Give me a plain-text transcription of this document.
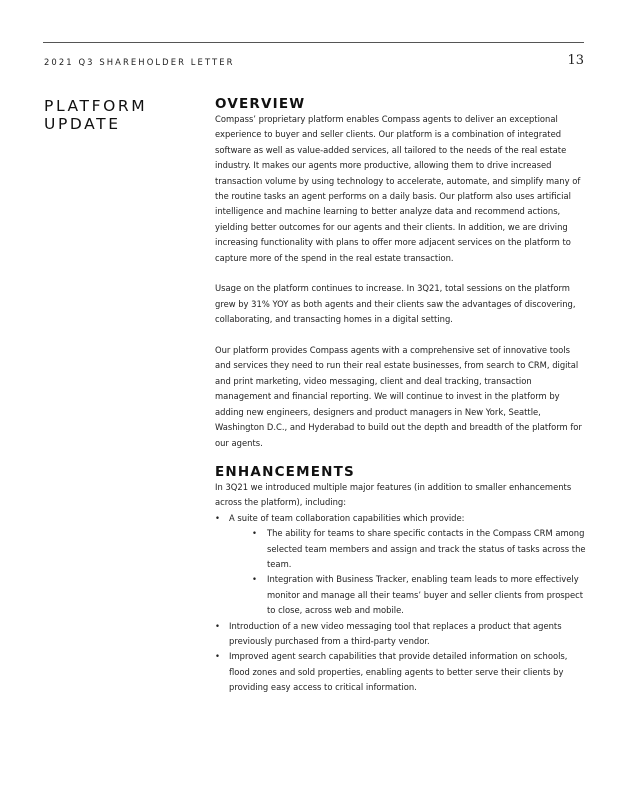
2021 Q3 SHAREHOLDER LETTER	13
PLATFORM
UPDATE
OVERVIEW

Compass’ proprietary platform enables Compass agents to deliver an exceptional experience to buyer and seller clients. Our platform is a combination of integrated software as well as value-added services, all tailored to the needs of the real estate industry. It makes our agents more productive, allowing them to drive increased transaction volume by using technology to accelerate, automate, and simplify many of the routine tasks an agent performs on a daily basis. Our platform also uses artificial intelligence and machine learning to better analyze data and recommend actions, yielding better outcomes for our agents and their clients. In addition, we are driving increasing functionality with plans to offer more adjacent services on the platform to capture more of the spend in the real estate transaction.

Usage on the platform continues to increase. In 3Q21, total sessions on the platform grew by 31% YOY as both agents and their clients saw the advantages of discovering, collaborating, and transacting homes in a digital setting.

Our platform provides Compass agents with a comprehensive set of innovative tools and services they need to run their real estate businesses, from search to CRM, digital and print marketing, video messaging, client and deal tracking, transaction management and financial reporting. We will continue to invest in the platform by adding new engineers, designers and product managers in New York, Seattle, Washington D.C., and Hyderabad to build out the depth and breadth of the platform for our agents.

ENHANCEMENTS

In 3Q21 we introduced multiple major features (in addition to smaller enhancements across the platform), including:

• A suite of team collaboration capabilities which provide:
• The ability for teams to share specific contacts in the Compass CRM among selected team members and assign and track the status of tasks across the team.
• Integration with Business Tracker, enabling team leads to more effectively monitor and manage all their teams’ buyer and seller clients from prospect to close, across web and mobile.
• Introduction of a new video messaging tool that replaces a product that agents previously purchased from a third-party vendor.
• Improved agent search capabilities that provide detailed information on schools, flood zones and sold properties, enabling agents to better serve their clients by providing easy access to critical information.
